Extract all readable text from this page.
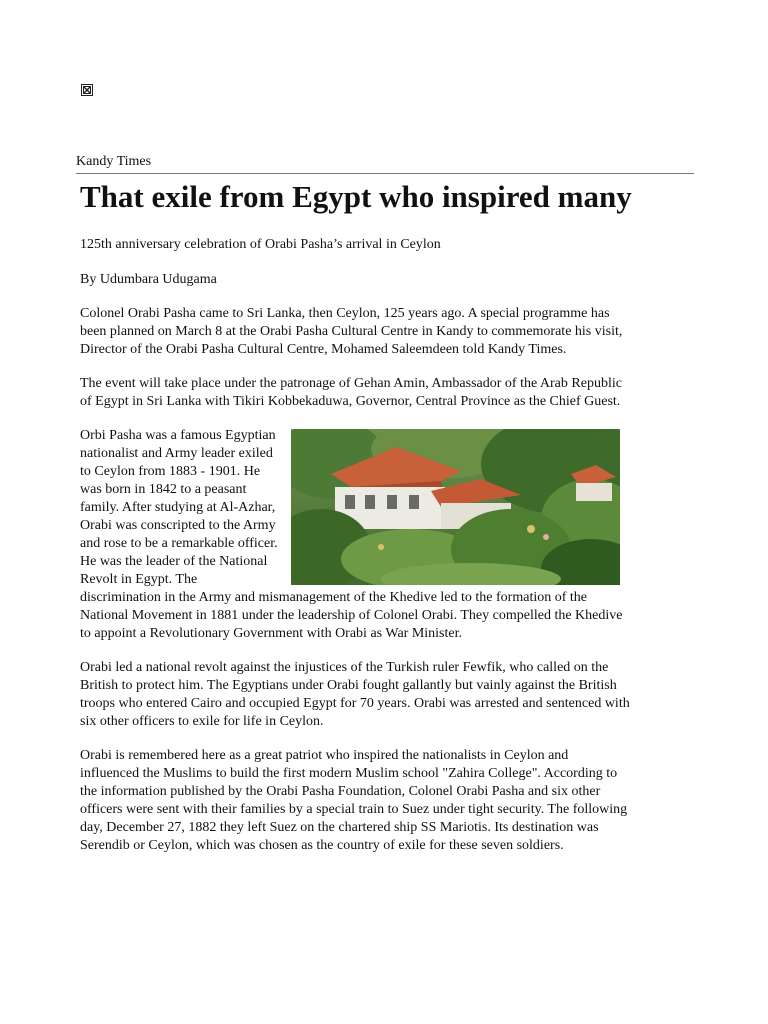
Kandy Times
That exile from Egypt who inspired many

125th anniversary celebration of Orabi Pasha’s arrival in Ceylon

By Udumbara Udugama

Colonel Orabi Pasha came to Sri Lanka, then Ceylon, 125 years ago. A special programme has been planned on March 8 at the Orabi Pasha Cultural Centre in Kandy to commemorate his visit, Director of the Orabi Pasha Cultural Centre, Mohamed Saleemdeen told Kandy Times.

The event will take place under the patronage of Gehan Amin, Ambassador of the Arab Republic of Egypt in Sri Lanka with Tikiri Kobbekaduwa, Governor, Central Province as the Chief Guest.

Orbi Pasha was a famous Egyptian nationalist and Army leader exiled to Ceylon from 1883 - 1901. He was born in 1842 to a peasant family. After studying at Al-Azhar, Orabi was conscripted to the Army and rose to be a remarkable officer. He was the leader of the National Revolt in Egypt. The discrimination in the Army and mismanagement of the Khedive led to the formation of the National Movement in 1881 under the leadership of Colonel Orabi. They compelled the Khedive to appoint a Revolutionary Government with Orabi as War Minister.

Orabi led a national revolt against the injustices of the Turkish ruler Fewfik, who called on the British to protect him. The Egyptians under Orabi fought gallantly but vainly against the British troops who entered Cairo and occupied Egypt for 70 years. Orabi was arrested and sentenced with six other officers to exile for life in Ceylon.

Orabi is remembered here as a great patriot who inspired the nationalists in Ceylon and influenced the Muslims to build the first modern Muslim school "Zahira College". According to the information published by the Orabi Pasha Foundation, Colonel Orabi Pasha and six other officers were sent with their families by a special train to Suez under tight security. The following day, December 27, 1882 they left Suez on the chartered ship SS Mariotis. Its destination was Serendib or Ceylon, which was chosen as the country of exile for these seven soldiers.
